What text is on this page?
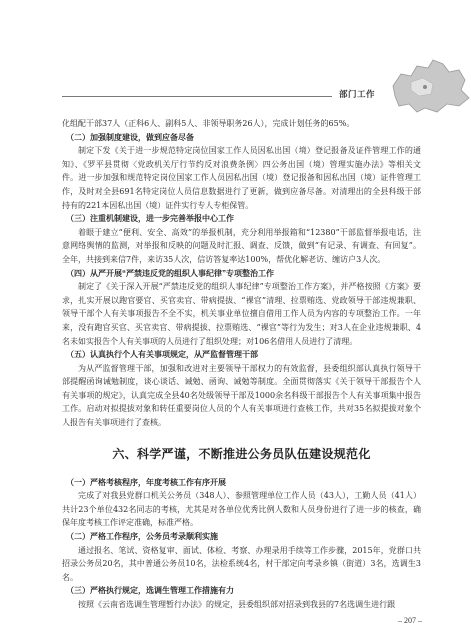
部门工作

化组配干部37人（正科6人、副科5人、非领导职务26人），完成计划任务的65%。

（二）加强制度建设，做到应备尽备

制定下发《关于进一步规范特定岗位国家工作人员因私出国（境）登记报备及证件管理工作的通知》、《罗平县贯彻〈党政机关厅行节约反对浪费条例〉四公务出国（境）管理实施办法》等相关文件。进一步加强和规范特定岗位国家工作人员因私出国（境）登记报备和因私出国（境）证件管理工作，及时对全县691名特定岗位人员信息数据进行了更新，做到应备尽备。对清理出的全县科级干部持有的221本因私出国（境）证件实行专人专柜保管。

（三）注重机制建设，进一步完善举报中心工作

着眼于建立“便利、安全、高效”的举报机制，充分利用举报箱和“12380”干部监督举报电话，注意网络舆情的监测，对举报和反映的问题及时汇报、调查、反馈，做到“有记录、有调查、有回复”。全年，共接到来信7件，来访35人次，信访答复率达100%，帮优化解老访、缠访户3人次。

（四）从严开展“严禁违反党的组织人事纪律”专项整治工作

制定了《关于深入开展“严禁违反党的组织人事纪律”专项整治工作方案》，并严格按照《方案》要求，扎实开展以跑官要官、买官卖官、带病提拔、“裸官”清理、拉票贿选、党政领导干部违规兼职、领导干部个人有关事项报告不全不实，机关事业单位擅自借用工作人员为内容的专项整治工作。一年来，没有跑官买官、买官卖官、带病提拔、拉票贿选、“裸官”等行为发生；对3人在企业违规兼职、4名未如实报告个人有关事项的人员进行了组织处理；对106名借用人员进行了清理。

（五）认真执行个人有关事项规定，从严监督管理干部

为从严监督管理干部，加强和改进对主要领导干部权力的有效监督，县委组织部认真执行领导干部提醒函询诫勉制度，谈心谈话、诫勉、函询、诫勉等制度。全面贯彻落实《关于领导干部报告个人有关事项的规定》，认真完成全县40名处级领导干部及1000余名科级干部报告个人有关事项集中报告工作。启动对拟提拔对象和转任重要岗位人员的个人有关事项进行查核工作，共对35名拟提拔对象个人报告有关事项进行了查核。

六、科学严谨，不断推进公务员队伍建设规范化

（一）严格考核程序，年度考核工作有序开展

完成了对我县党群口机关公务员（348人）、参照管理单位工作人员（43人），工勤人员（41人）共计23个单位432名同志的考核，尤其是对各单位优秀比例人数和人员身份进行了进一步的核查，确保年度考核工作评定准确，标准严格。

（二）严格工作程序，公务员考录顺利实施

通过报名、笔试、资格复审、面试、体检、考察、办理录用手续等工作步骤，2015年，党群口共招录公务员20名，其中普通公务员10名，法检系统4名，村干部定向考录乡镇（街道）3名，选调生3名。

（三）严格执行规定，选调生管理工作措施有力

按照《云南省选调生管理暂行办法》的规定，县委组织部对招录到我县的7名选调生进行跟

– 207 –
